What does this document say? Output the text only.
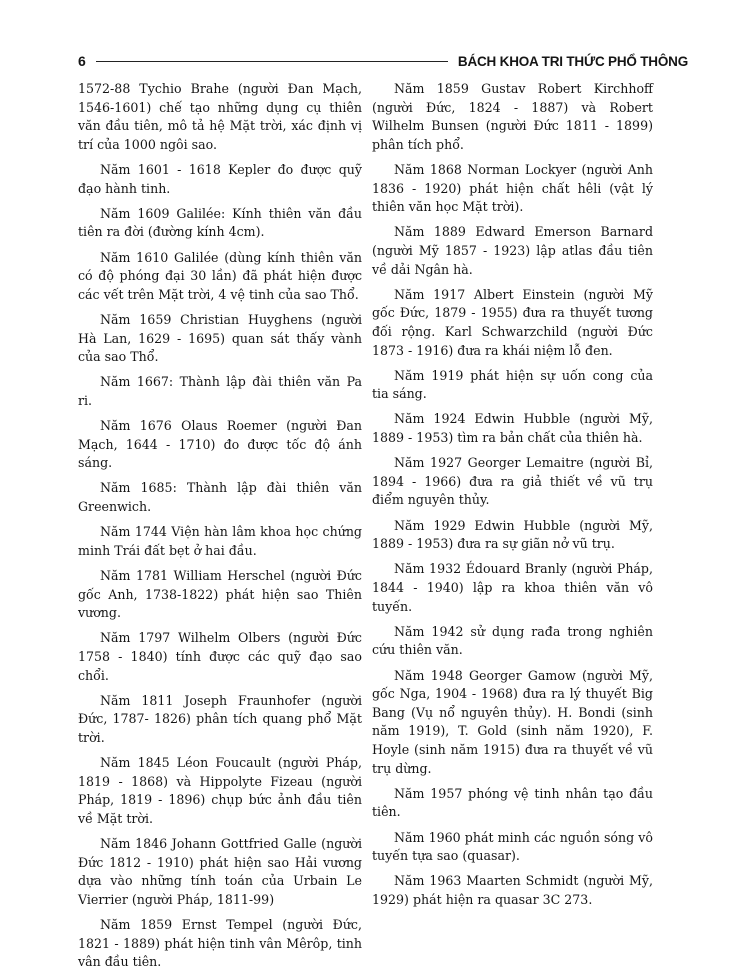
6	BÁCH KHOA TRI THỨC PHỔ THÔNG

1572-88 Tychio Brahe (người Đan Mạch, 1546-1601) chế tạo những dụng cụ thiên văn đầu tiên, mô tả hệ Mặt trời, xác định vị trí của 1000 ngôi sao.

Năm 1601 - 1618 Kepler đo được quỹ đạo hành tinh.

Năm 1609 Galilée: Kính thiên văn đầu tiên ra đời (đường kính 4cm).

Năm 1610 Galilée (dùng kính thiên văn có độ phóng đại 30 lần) đã phát hiện được các vết trên Mặt trời, 4 vệ tinh của sao Thổ.

Năm 1659 Christian Huyghens (người Hà Lan, 1629 - 1695) quan sát thấy vành của sao Thổ.

Năm 1667: Thành lập đài thiên văn Pa ri.

Năm 1676 Olaus Roemer (người Đan Mạch, 1644 - 1710) đo được tốc độ ánh sáng.

Năm 1685: Thành lập đài thiên văn Greenwich.

Năm 1744 Viện hàn lâm khoa học chứng minh Trái đất bẹt ở hai đầu.

Năm 1781 William Herschel (người Đức gốc Anh, 1738-1822) phát hiện sao Thiên vương.

Năm 1797 Wilhelm Olbers (người Đức 1758 - 1840) tính được các quỹ đạo sao chổi.

Năm 1811 Joseph Fraunhofer (người Đức, 1787- 1826) phân tích quang phổ Mặt trời.

Năm 1845 Léon Foucault (người Pháp, 1819 - 1868) và Hippolyte Fizeau (người Pháp, 1819 - 1896) chụp bức ảnh đầu tiên về Mặt trời.

Năm 1846 Johann Gottfried Galle (người Đức 1812 - 1910) phát hiện sao Hải vương dựa vào những tính toán của Urbain Le Vierrier (người Pháp, 1811-99)

Năm 1859 Ernst Tempel (người Đức, 1821 - 1889) phát hiện tinh vân Mêrôp, tinh vân đầu tiên.

Năm 1859 Gustav Robert Kirchhoff (người Đức, 1824 - 1887) và Robert Wilhelm Bunsen (người Đức 1811 - 1899) phân tích phổ.

Năm 1868 Norman Lockyer (người Anh 1836 - 1920) phát hiện chất hêli (vật lý thiên văn học Mặt trời).

Năm 1889 Edward Emerson Barnard (người Mỹ 1857 - 1923) lập atlas đầu tiên về dải Ngân hà.

Năm 1917 Albert Einstein (người Mỹ gốc Đức, 1879 - 1955) đưa ra thuyết tương đối rộng. Karl Schwarzchild (người Đức 1873 - 1916) đưa ra khái niệm lỗ đen.

Năm 1919 phát hiện sự uốn cong của tia sáng.

Năm 1924 Edwin Hubble (người Mỹ, 1889 - 1953) tìm ra bản chất của thiên hà.

Năm 1927 Georger Lemaitre (người Bỉ, 1894 - 1966) đưa ra giả thiết về vũ trụ điểm nguyên thủy.

Năm 1929 Edwin Hubble (người Mỹ, 1889 - 1953) đưa ra sự giãn nở vũ trụ.

Năm 1932 Édouard Branly (người Pháp, 1844 - 1940) lập ra khoa thiên văn vô tuyến.

Năm 1942 sử dụng rađa trong nghiên cứu thiên văn.

Năm 1948 Georger Gamow (người Mỹ, gốc Nga, 1904 - 1968) đưa ra lý thuyết Big Bang (Vụ nổ nguyên thủy). H. Bondi (sinh năm 1919), T. Gold (sinh năm 1920), F. Hoyle (sinh năm 1915) đưa ra thuyết về vũ trụ dừng.

Năm 1957 phóng vệ tinh nhân tạo đầu tiên.

Năm 1960 phát minh các nguồn sóng vô tuyến tựa sao (quasar).

Năm 1963 Maarten Schmidt (người Mỹ, 1929) phát hiện ra quasar 3C 273.
